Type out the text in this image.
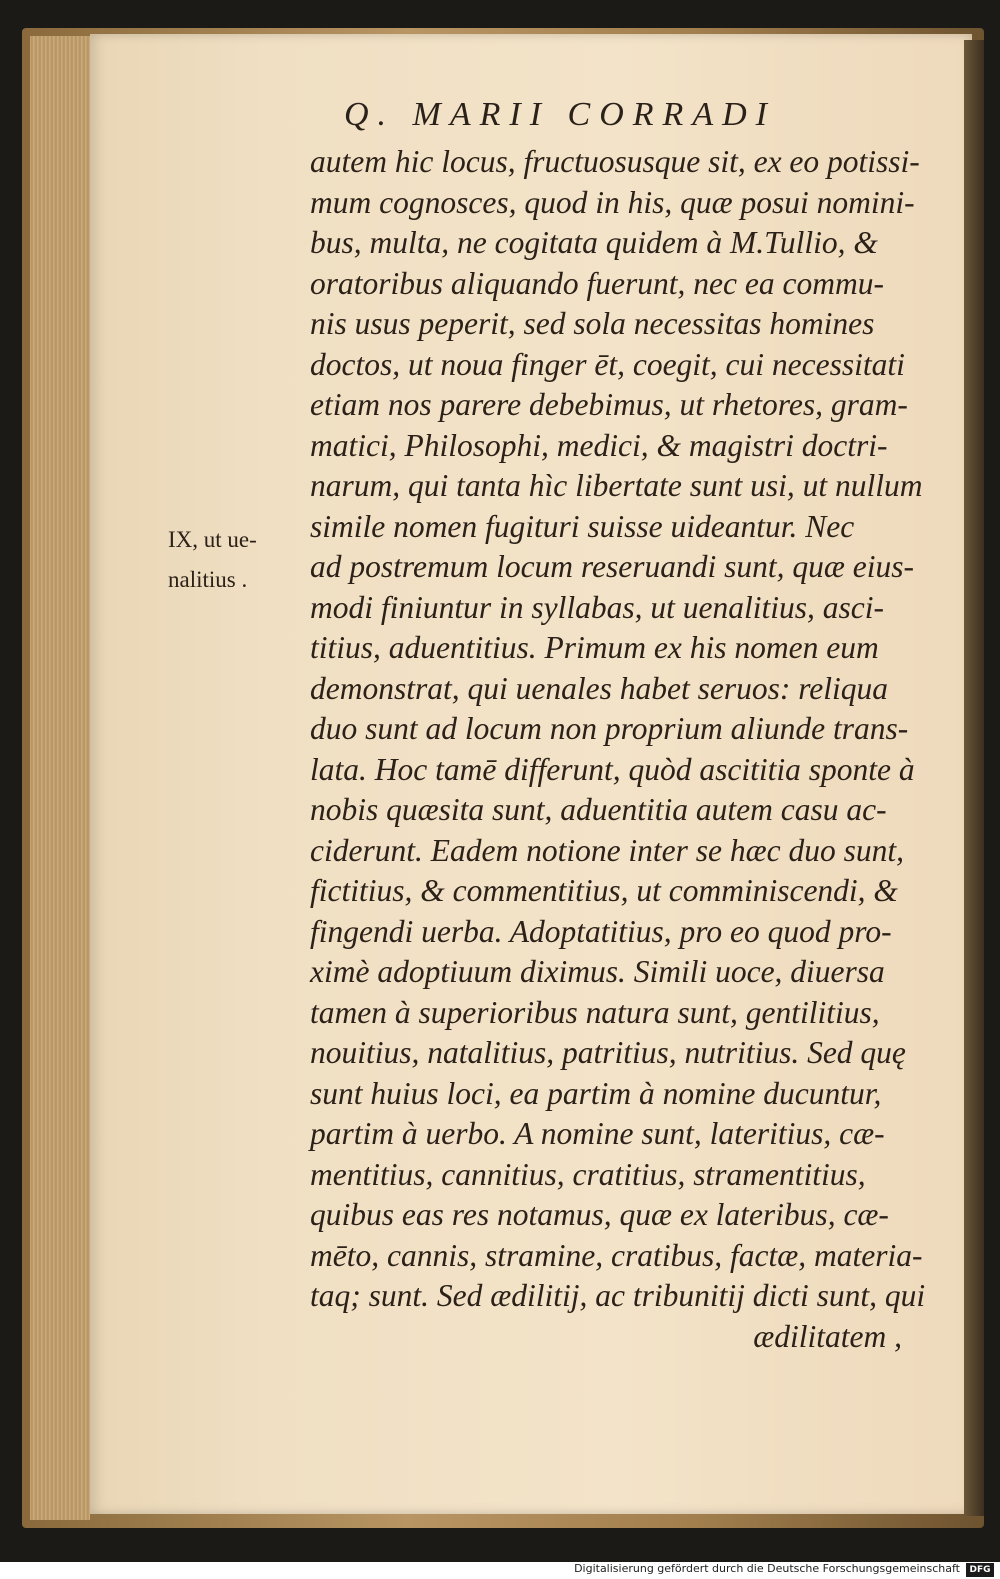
Q. MARII CORRADI
IX, ut ue-
nalitius .
autem hic locus, fructuosusque sit, ex eo potissi-
mum cognosces, quod in his, quæ posui nomini-
bus, multa, ne cogitata quidem à M.Tullio, &
oratoribus aliquando fuerunt, nec ea commu-
nis usus peperit, sed sola necessitas homines
doctos, ut noua finger ēt, coegit, cui necessitati
etiam nos parere debebimus, ut rhetores, gram-
matici, Philosophi, medici, & magistri doctri-
narum, qui tanta hìc libertate sunt usi, ut nullum
simile nomen fugituri suisse uideantur. Nec
ad postremum locum reseruandi sunt, quæ eius-
modi finiuntur in syllabas, ut uenalitius, asci-
titius, aduentitius. Primum ex his nomen eum
demonstrat, qui uenales habet seruos: reliqua
duo sunt ad locum non proprium aliunde trans-
lata. Hoc tamē differunt, quòd ascititia sponte à
nobis quæsita sunt, aduentitia autem casu ac-
ciderunt. Eadem notione inter se hæc duo sunt,
fictitius, & commentitius, ut comminiscendi, &
fingendi uerba. Adoptatitius, pro eo quod pro-
ximè adoptiuum diximus. Simili uoce, diuersa
tamen à superioribus natura sunt, gentilitius,
nouitius, natalitius, patritius, nutritius. Sed quę
sunt huius loci, ea partim à nomine ducuntur,
partim à uerbo. A nomine sunt, lateritius, cæ-
mentitius, cannitius, cratitius, stramentitius,
quibus eas res notamus, quæ ex lateribus, cæ-
mēto, cannis, stramine, cratibus, factæ, materia-
taq; sunt. Sed ædilitij, ac tribunitij dicti sunt, qui
ædilitatem ,
Digitalisierung gefördert durch die Deutsche Forschungsgemeinschaft	DFG
